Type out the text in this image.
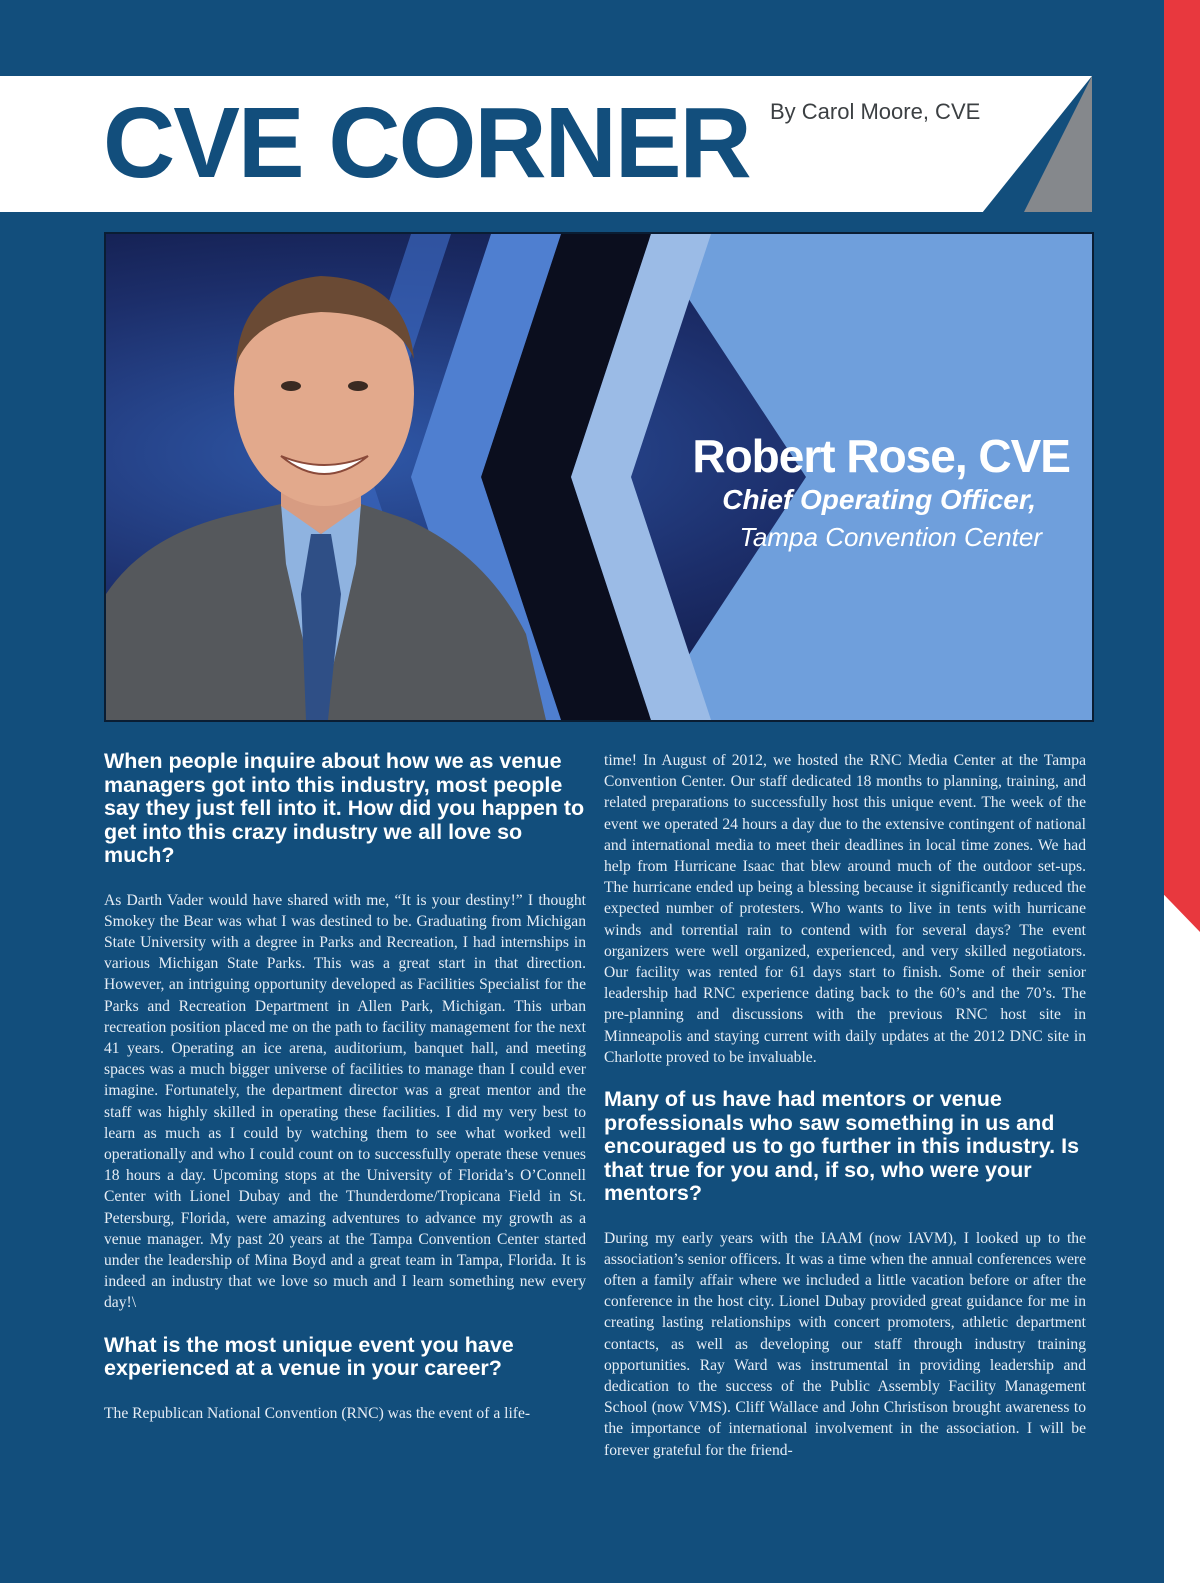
CVE CORNER By Carol Moore, CVE
Robert Rose, CVE
Chief Operating Officer,
Tampa Convention Center
When people inquire about how we as venue managers got into this industry, most people say they just fell into it. How did you happen to get into this crazy industry we all love so much?

As Darth Vader would have shared with me, “It is your destiny!” I thought Smokey the Bear was what I was destined to be. Graduating from Michigan State University with a degree in Parks and Recreation, I had internships in various Michigan State Parks. This was a great start in that direction. However, an intriguing opportunity developed as Facilities Specialist for the Parks and Recreation Department in Allen Park, Michigan. This urban recreation position placed me on the path to facility management for the next 41 years. Operating an ice arena, auditorium, banquet hall, and meeting spaces was a much bigger universe of facilities to manage than I could ever imagine. Fortunately, the department director was a great mentor and the staff was highly skilled in operating these facilities. I did my very best to learn as much as I could by watching them to see what worked well operationally and who I could count on to successfully operate these venues 18 hours a day. Upcoming stops at the University of Florida’s O’Connell Center with Lionel Dubay and the Thunderdome/Tropicana Field in St. Petersburg, Florida, were amazing adventures to advance my growth as a venue manager. My past 20 years at the Tampa Convention Center started under the leadership of Mina Boyd and a great team in Tampa, Florida. It is indeed an industry that we love so much and I learn something new every day!\

What is the most unique event you have experienced at a venue in your career?

The Republican National Convention (RNC) was the event of a life-

time! In August of 2012, we hosted the RNC Media Center at the Tampa Convention Center. Our staff dedicated 18 months to planning, training, and related preparations to successfully host this unique event. The week of the event we operated 24 hours a day due to the extensive contingent of national and international media to meet their deadlines in local time zones. We had help from Hurricane Isaac that blew around much of the outdoor set-ups. The hurricane ended up being a blessing because it significantly reduced the expected number of protesters. Who wants to live in tents with hurricane winds and torrential rain to contend with for several days? The event organizers were well organized, experienced, and very skilled negotiators. Our facility was rented for 61 days start to finish. Some of their senior leadership had RNC experience dating back to the 60’s and the 70’s. The pre-planning and discussions with the previous RNC host site in Minneapolis and staying current with daily updates at the 2012 DNC site in Charlotte proved to be invaluable.

Many of us have had mentors or venue professionals who saw something in us and encouraged us to go further in this industry. Is that true for you and, if so, who were your mentors?

During my early years with the IAAM (now IAVM), I looked up to the association’s senior officers. It was a time when the annual conferences were often a family affair where we included a little vacation before or after the conference in the host city. Lionel Dubay provided great guidance for me in creating lasting relationships with concert promoters, athletic department contacts, as well as developing our staff through industry training opportunities. Ray Ward was instrumental in providing leadership and dedication to the success of the Public Assembly Facility Management School (now VMS). Cliff Wallace and John Christison brought awareness to the importance of international involvement in the association. I will be forever grateful for the friend-
